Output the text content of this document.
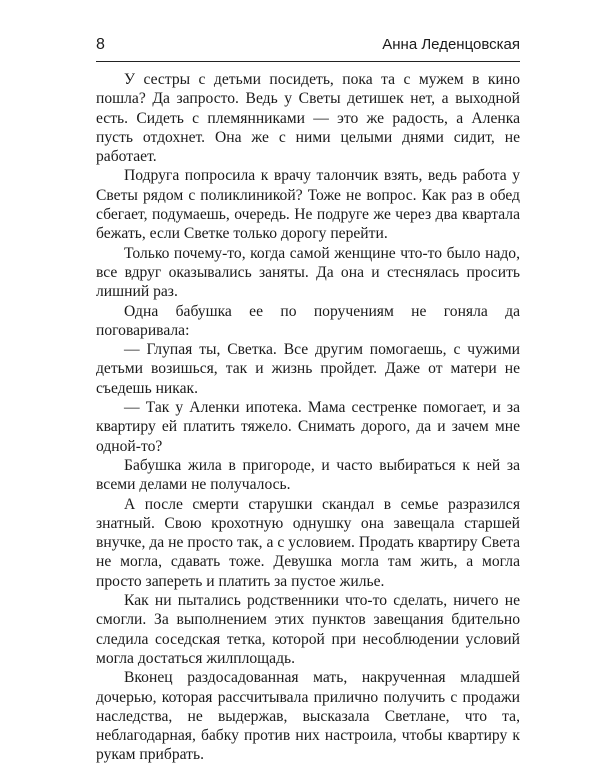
8	Анна Леденцовская

У сестры с детьми посидеть, пока та с мужем в кино пошла? Да запросто. Ведь у Светы детишек нет, а выходной есть. Сидеть с племянниками — это же радость, а Аленка пусть отдохнет. Она же с ними целыми днями сидит, не работает.

Подруга попросила к врачу талончик взять, ведь работа у Светы рядом с поликлиникой? Тоже не вопрос. Как раз в обед сбегает, подумаешь, очередь. Не подруге же через два квартала бежать, если Светке только дорогу перейти.

Только почему-то, когда самой женщине что-то было надо, все вдруг оказывались заняты. Да она и стеснялась просить лишний раз.

Одна бабушка ее по поручениям не гоняла да поговаривала:

— Глупая ты, Светка. Все другим помогаешь, с чужими детьми возишься, так и жизнь пройдет. Даже от матери не съедешь никак.

— Так у Аленки ипотека. Мама сестренке помогает, и за квартиру ей платить тяжело. Снимать дорого, да и зачем мне одной-то?

Бабушка жила в пригороде, и часто выбираться к ней за всеми делами не получалось.

А после смерти старушки скандал в семье разразился знатный. Свою крохотную однушку она завещала старшей внучке, да не просто так, а с условием. Продать квартиру Света не могла, сдавать тоже. Девушка могла там жить, а могла просто запереть и платить за пустое жилье.

Как ни пытались родственники что-то сделать, ничего не смогли. За выполнением этих пунктов завещания бдительно следила соседская тетка, которой при несоблюдении условий могла достаться жилплощадь.

Вконец раздосадованная мать, накрученная младшей дочерью, которая рассчитывала прилично получить с продажи наследства, не выдержав, высказала Светлане, что та, неблагодарная, бабку против них настроила, чтобы квартиру к рукам прибрать.
